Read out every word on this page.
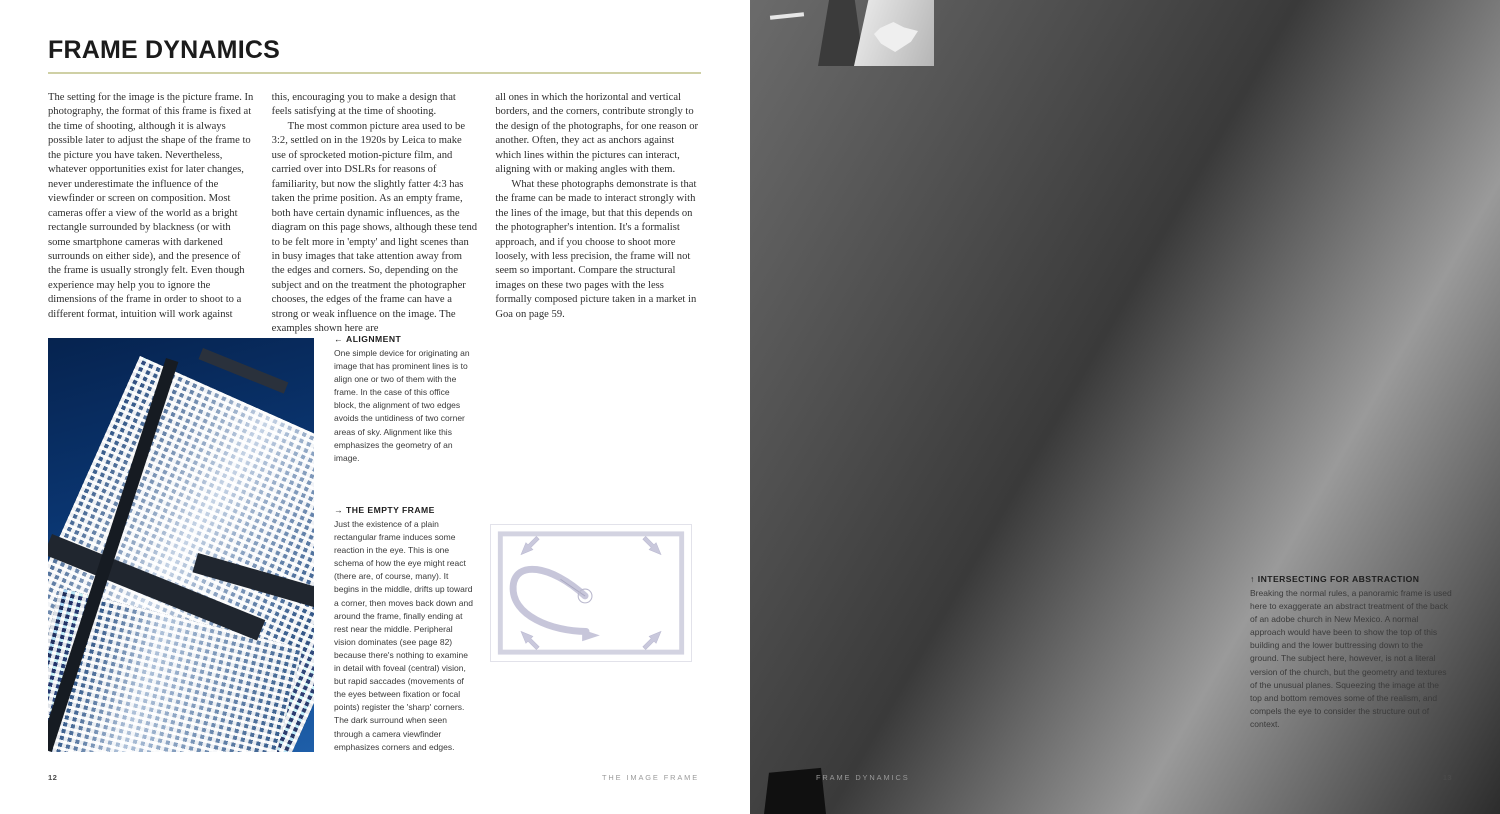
FRAME DYNAMICS

The setting for the image is the picture frame. In photography, the format of this frame is fixed at the time of shooting, although it is always possible later to adjust the shape of the frame to the picture you have taken. Nevertheless, whatever opportunities exist for later changes, never underestimate the influence of the viewfinder or screen on composition. Most cameras offer a view of the world as a bright rectangle surrounded by blackness (or with some smartphone cameras with darkened surrounds on either side), and the presence of the frame is usually strongly felt. Even though experience may help you to ignore the dimensions of the frame in order to shoot to a different format, intuition will work against

this, encouraging you to make a design that feels satisfying at the time of shooting.

The most common picture area used to be 3:2, settled on in the 1920s by Leica to make use of sprocketed motion-picture film, and carried over into DSLRs for reasons of familiarity, but now the slightly fatter 4:3 has taken the prime position. As an empty frame, both have certain dynamic influences, as the diagram on this page shows, although these tend to be felt more in 'empty' and light scenes than in busy images that take attention away from the edges and corners. So, depending on the subject and on the treatment the photographer chooses, the edges of the frame can have a strong or weak influence on the image. The examples shown here are

all ones in which the horizontal and vertical borders, and the corners, contribute strongly to the design of the photographs, for one reason or another. Often, they act as anchors against which lines within the pictures can interact, aligning with or making angles with them.

What these photographs demonstrate is that the frame can be made to interact strongly with the lines of the image, but that this depends on the photographer's intention. It's a formalist approach, and if you choose to shoot more loosely, with less precision, the frame will not seem so important. Compare the structural images on these two pages with the less formally composed picture taken in a market in Goa on page 59.

← ALIGNMENT
One simple device for originating an image that has prominent lines is to align one or two of them with the frame. In the case of this office block, the alignment of two edges avoids the untidiness of two corner areas of sky. Alignment like this emphasizes the geometry of an image.
→ THE EMPTY FRAME
Just the existence of a plain rectangular frame induces some reaction in the eye. This is one schema of how the eye might react (there are, of course, many). It begins in the middle, drifts up toward a corner, then moves back down and around the frame, finally ending at rest near the middle. Peripheral vision dominates (see page 82) because there's nothing to examine in detail with foveal (central) vision, but rapid saccades (movements of the eyes between fixation or focal points) register the 'sharp' corners. The dark surround when seen through a camera viewfinder emphasizes corners and edges.
12	THE IMAGE FRAME
↑ INTERSECTING FOR ABSTRACTION
Breaking the normal rules, a panoramic frame is used here to exaggerate an abstract treatment of the back of an adobe church in New Mexico. A normal approach would have been to show the top of this building and the lower buttressing down to the ground. The subject here, however, is not a literal version of the church, but the geometry and textures of the unusual planes. Squeezing the image at the top and bottom removes some of the realism, and compels the eye to consider the structure out of context.
FRAME DYNAMICS	13
